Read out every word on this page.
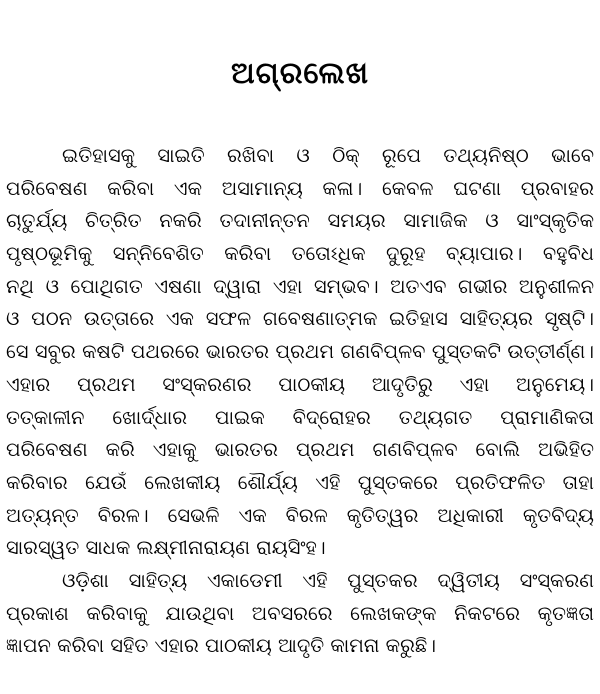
ଅଗ୍ରଲେଖ
ଇତିହାସକୁ ସାଇତି ରଖିବା ଓ ଠିକ୍ ରୂପେ ତଥ୍ୟନିଷ୍ଠ ଭାବେ
ପରିବେଷଣ କରିବା ଏକ ଅସାମାନ୍ୟ କଳା। କେବଳ ଘଟଣା ପ୍ରବାହର
ଚାତୁର୍ଯ୍ୟ ଚିତ୍ରିତ ନକରି ତଦାନୀନ୍ତନ ସମୟର ସାମାଜିକ ଓ ସାଂସ୍କୃତିକ
ପୃଷ୍ଠଭୂମିକୁ ସନ୍ନିବେଶିତ କରିବା ତତୋଽଧିକ ଦୁରୂହ ବ୍ୟାପାର। ବହୁବିଧ
ନଥି ଓ ପୋଥିଗତ ଏଷଣା ଦ୍ୱାରା ଏହା ସମ୍ଭବ। ଅତଏବ ଗଭୀର ଅନୁଶୀଳନ
ଓ ପଠନ ଉତ୍ତାରେ ଏକ ସଫଳ ଗବେଷଣାତ୍ମକ ଇତିହାସ ସାହିତ୍ୟର ସୃଷ୍ଟି।
ସେ ସବୁର କଷଟି ପଥରରେ ଭାରତର ପ୍ରଥମ ଗଣବିପ୍ଳବ ପୁସ୍ତକଟି ଉତ୍ତୀର୍ଣ୍ଣ।
ଏହାର ପ୍ରଥମ ସଂସ୍କରଣର ପାଠକୀୟ ଆଦୃତିରୁ ଏହା ଅନୁମେୟ।
ତତ୍କାଳୀନ ଖୋର୍ଦ୍ଧାର ପାଇକ ବିଦ୍ରୋହର ତଥ୍ୟଗତ ପ୍ରାମାଣିକତା
ପରିବେଷଣ କରି ଏହାକୁ ଭାରତର ପ୍ରଥମ ଗଣବିପ୍ଳବ ବୋଲି ଅଭିହିତ
କରିବାର ଯେଉଁ ଲେଖକୀୟ ଶୌର୍ଯ୍ୟ ଏହି ପୁସ୍ତକରେ ପ୍ରତିଫଳିତ ତାହା
ଅତ୍ୟନ୍ତ ବିରଳ। ସେଭଳି ଏକ ବିରଳ କୃତିତ୍ୱର ଅଧିକାରୀ କୃତବିଦ୍ୟ
ସାରସ୍ୱତ ସାଧକ ଲକ୍ଷ୍ମୀନାରାୟଣ ରାୟସିଂହ।
ଓଡ଼ିଶା ସାହିତ୍ୟ ଏକାଡେମୀ ଏହି ପୁସ୍ତକର ଦ୍ୱିତୀୟ ସଂସ୍କରଣ
ପ୍ରକାଶ କରିବାକୁ ଯାଉଥିବା ଅବସରରେ ଲେଖକଙ୍କ ନିକଟରେ କୃତଜ୍ଞତା
ଜ୍ଞାପନ କରିବା ସହିତ ଏହାର ପାଠକୀୟ ଆଦୃତି କାମନା କରୁଛି।
